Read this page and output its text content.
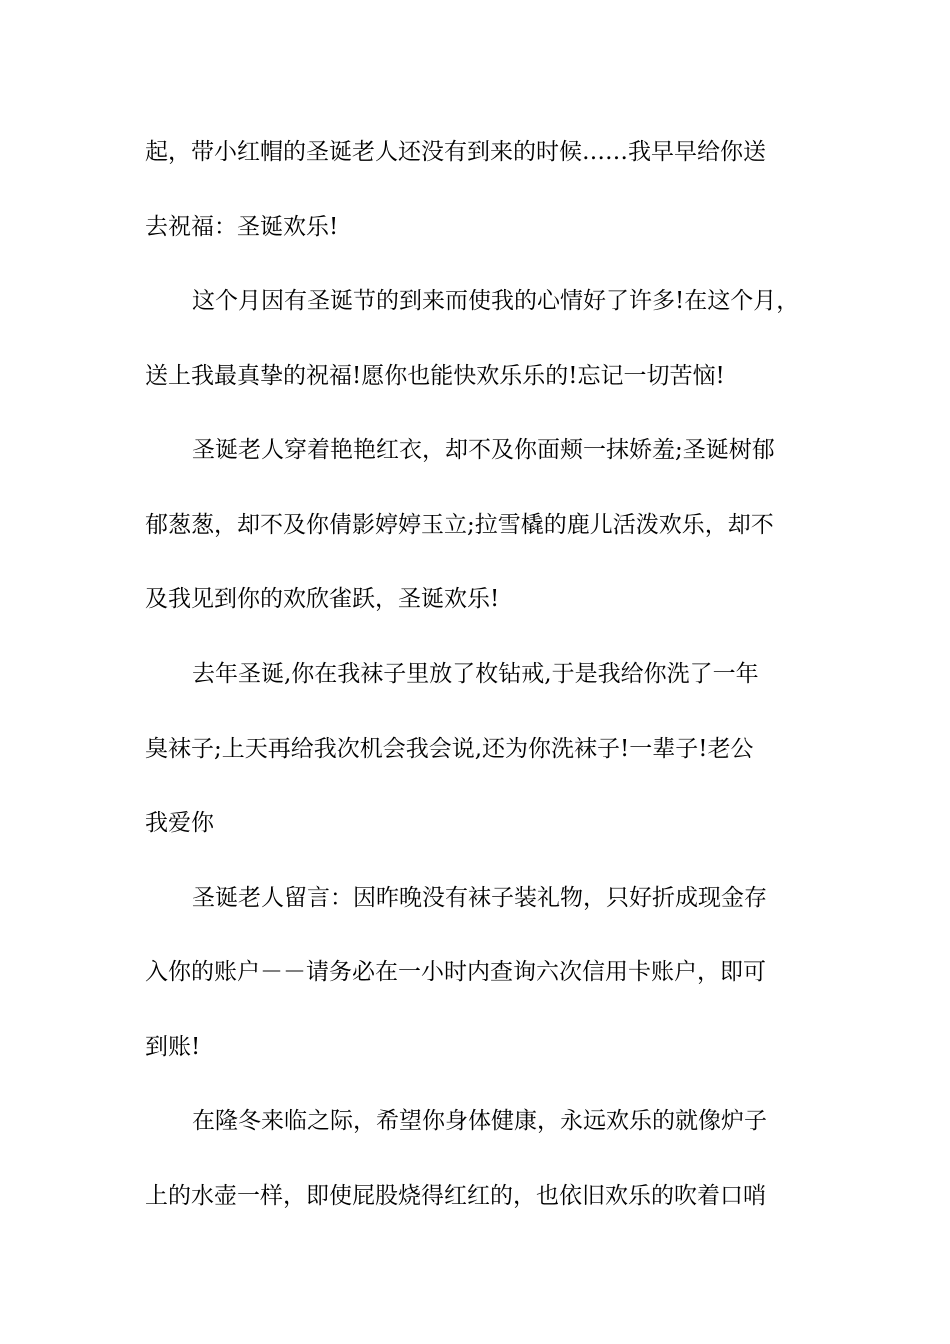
起，带小红帽的圣诞老人还没有到来的时候……我早早给你送
去祝福：圣诞欢乐!
这个月因有圣诞节的到来而使我的心情好了许多!在这个月，
送上我最真挚的祝福!愿你也能快欢乐乐的!忘记一切苦恼!
圣诞老人穿着艳艳红衣，却不及你面颊一抹娇羞;圣诞树郁
郁葱葱，却不及你倩影婷婷玉立;拉雪橇的鹿儿活泼欢乐，却不
及我见到你的欢欣雀跃，圣诞欢乐!
去年圣诞,你在我袜子里放了枚钻戒,于是我给你洗了一年
臭袜子;上天再给我次机会我会说,还为你洗袜子!一辈子!老公
我爱你
圣诞老人留言：因昨晚没有袜子装礼物，只好折成现金存
入你的账户－－请务必在一小时内查询六次信用卡账户，即可
到账!
在隆冬来临之际，希望你身体健康，永远欢乐的就像炉子
上的水壶一样，即使屁股烧得红红的，也依旧欢乐的吹着口哨
